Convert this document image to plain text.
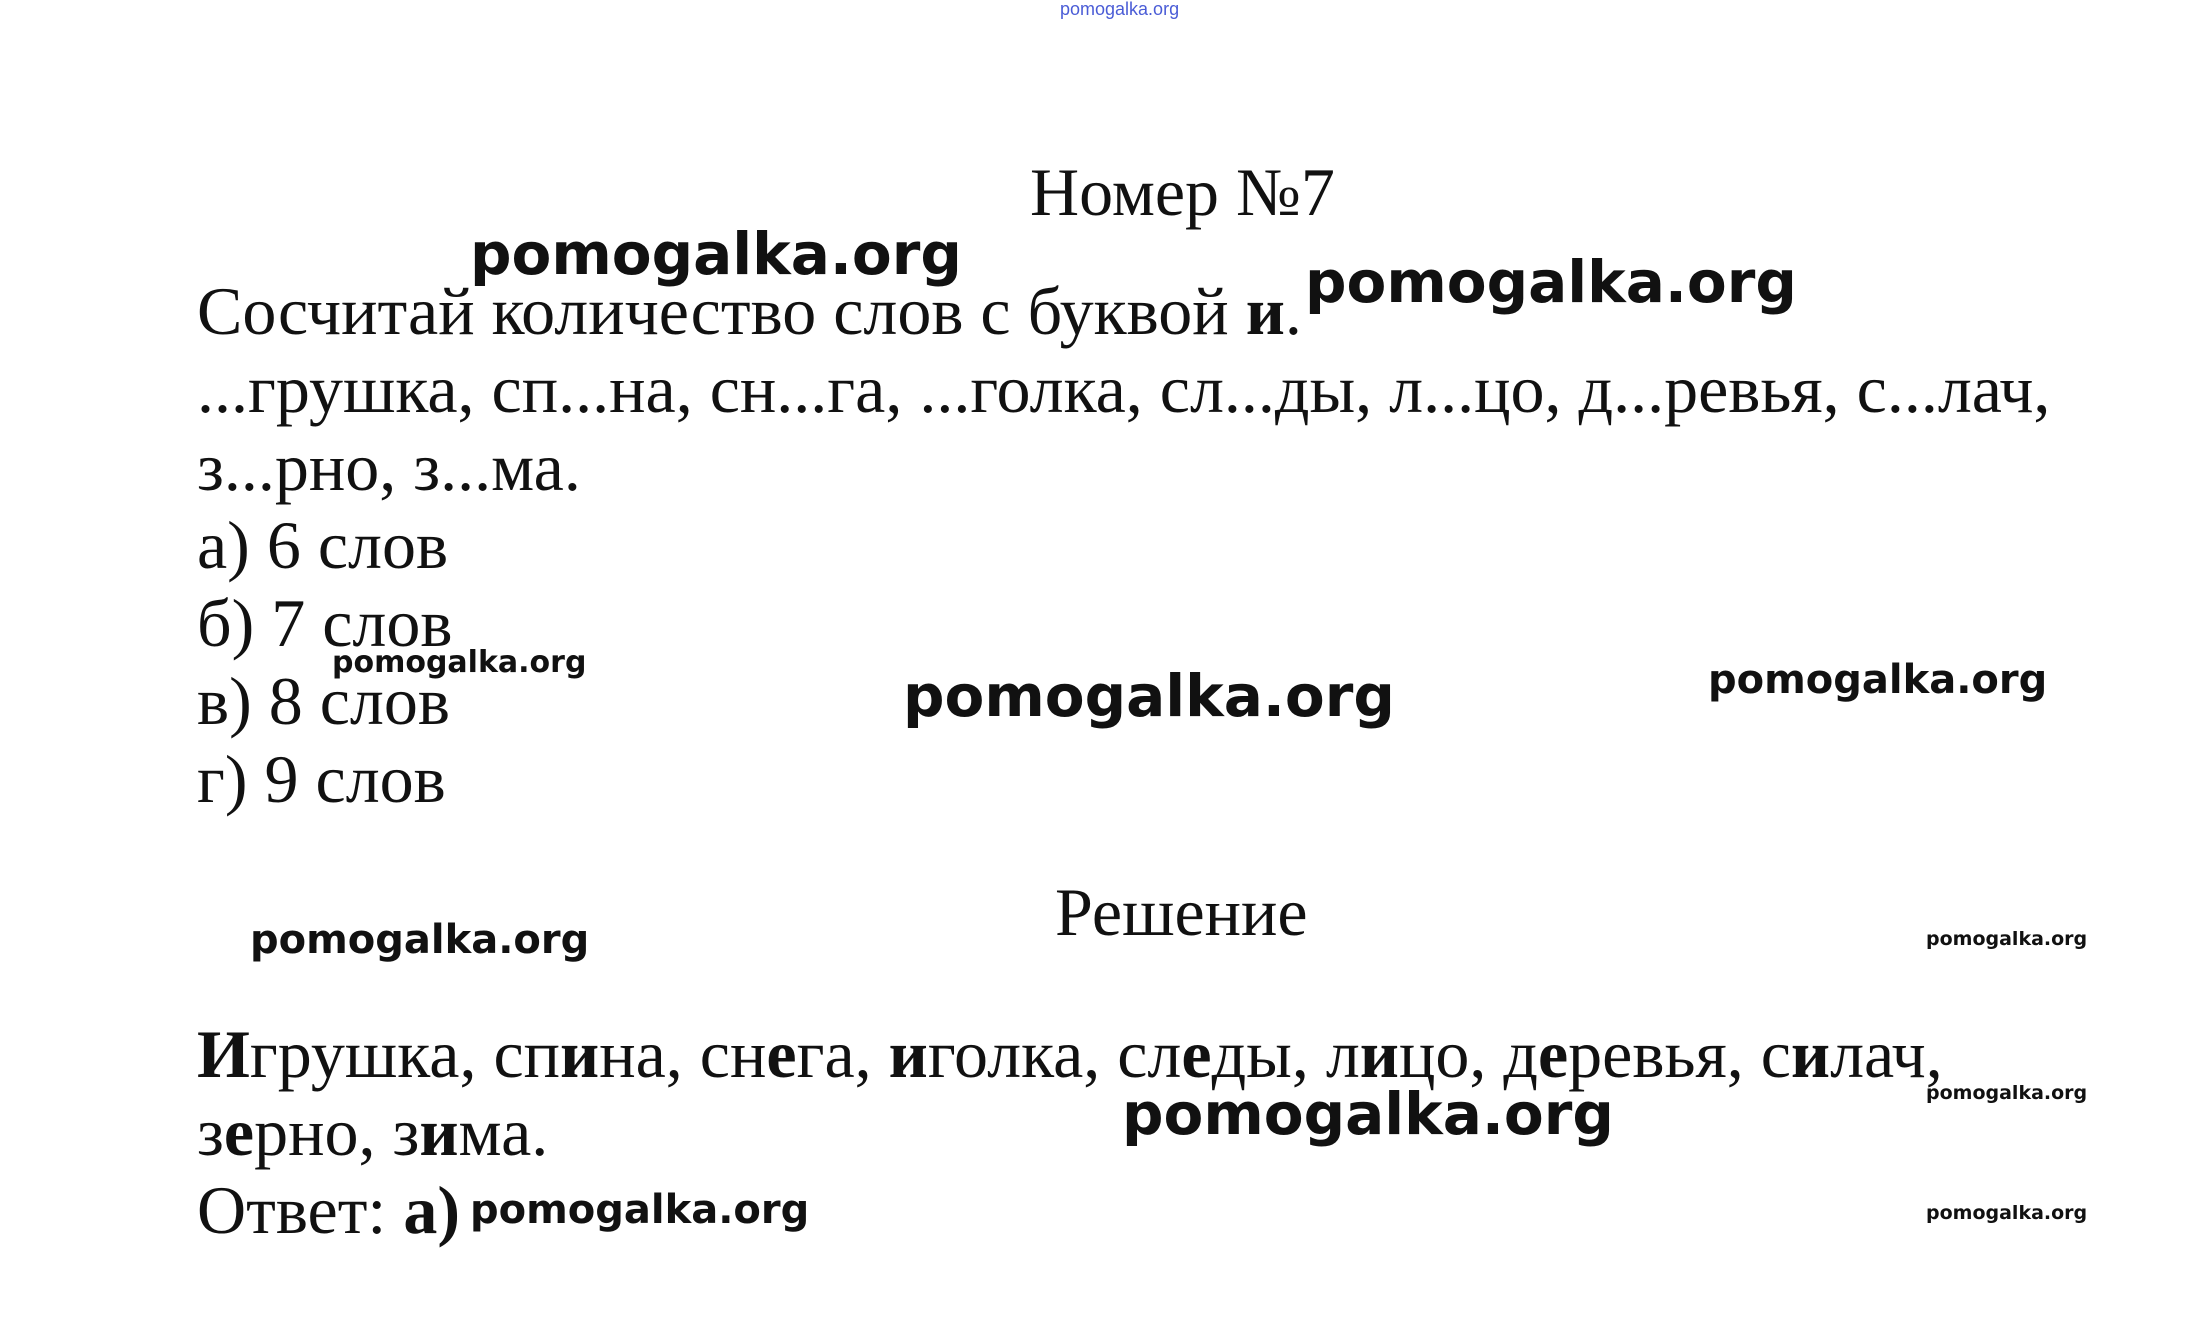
pomogalka.org
Номер №7
Сосчитай количество слов с буквой и.
...грушка, сп...на, сн...га, ...голка, сл...ды, л...цо, д...ревья, с...лач,
з...рно, з...ма.
а) 6 слов
б) 7 слов
в) 8 слов
г) 9 слов
Решение
Игрушка, спина, снега, иголка, следы, лицо, деревья, силач,
зерно, зима.
Ответ: а)
pomogalka.org	pomogalka.org
pomogalka.org	pomogalka.org	pomogalka.org
pomogalka.org	pomogalka.org
pomogalka.org	pomogalka.org
pomogalka.org	pomogalka.org
